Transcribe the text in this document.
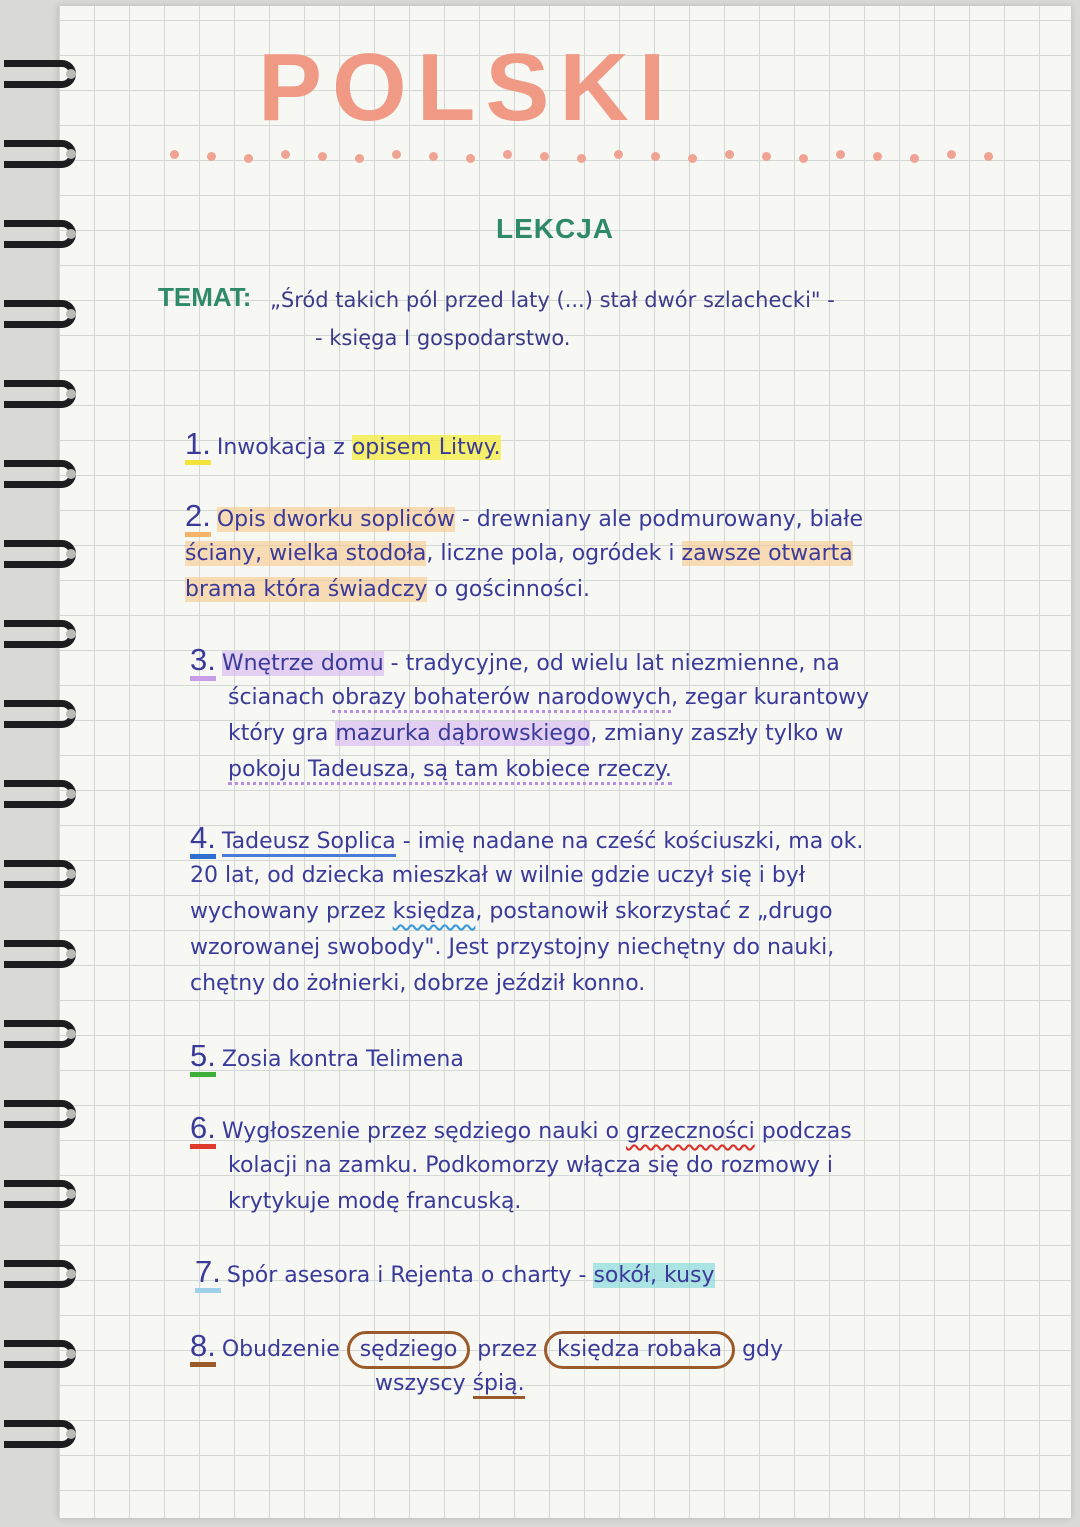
POLSKI
LEKCJA
TEMAT: „Śród takich pól przed laty (...) stał dwór szlachecki" -
- księga I gospodarstwo.
1. Inwokacja z opisem Litwy.
2. Opis dworku sopliców - drewniany ale podmurowany, białe
ściany, wielka stodoła, liczne pola, ogródek i zawsze otwarta
brama która świadczy o gościnności.
3. Wnętrze domu - tradycyjne, od wielu lat niezmienne, na
ścianach obrazy bohaterów narodowych, zegar kurantowy
który gra mazurka dąbrowskiego, zmiany zaszły tylko w
pokoju Tadeusza, są tam kobiece rzeczy.
4. Tadeusz Soplica - imię nadane na cześć kościuszki, ma ok.
20 lat, od dziecka mieszkał w wilnie gdzie uczył się i był
wychowany przez księdza, postanowił skorzystać z „drugo
wzorowanej swobody". Jest przystojny niechętny do nauki,
chętny do żołnierki, dobrze jeździł konno.
5. Zosia kontra Telimena
6. Wygłoszenie przez sędziego nauki o grzeczności podczas
kolacji na zamku. Podkomorzy włącza się do rozmowy i
krytykuje modę francuską.
7. Spór asesora i Rejenta o charty - sokół, kusy
8. Obudzenie sędziego przez księdza robaka gdy
wszyscy śpią.
